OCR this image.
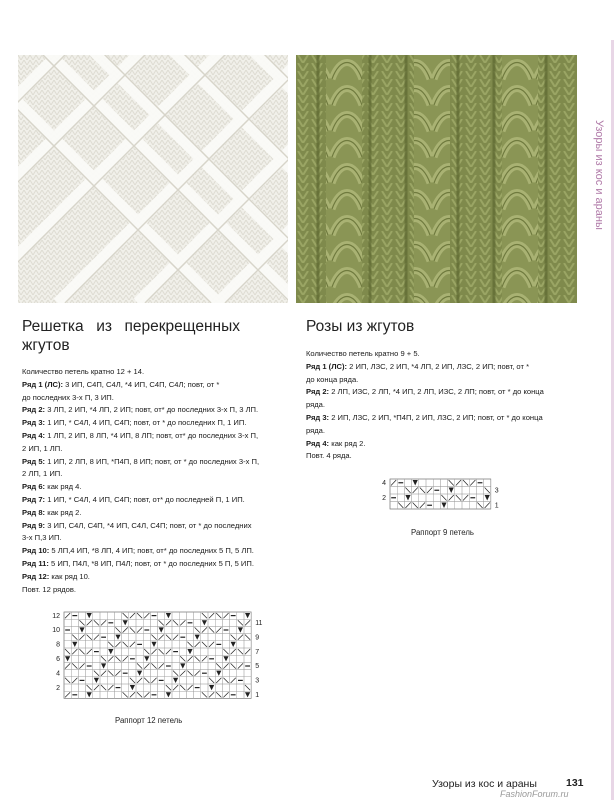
Узоры из кос и араны
Решетка из перекрещенных жгутов
Розы из жгутов

Количество петель кратно 12 + 14.

Ряд 1 (ЛС): 3 ИП, С4П, С4Л, *4 ИП, С4П, С4Л; повт, от *

до последних 3-х П, 3 ИП.

Ряд 2: 3 ЛП, 2 ИП, *4 ЛП, 2 ИП; повт, от* до последних 3-х П, 3 ЛП.

Ряд 3: 1 ИП, * С4Л, 4 ИП, С4П; повт, от * до последних П, 1 ИП.

Ряд 4: 1 ЛП, 2 ИП, 8 ЛП, *4 ИП, 8 ЛП; повт, от* до последних 3-х П,

2 ИП, 1 ЛП.

Ряд 5: 1 ИП, 2 ЛП, 8 ИП, *П4П, 8 ИП; повт, от * до последних 3-х П,

2 ЛП, 1 ИП.

Ряд 6: как ряд 4.

Ряд 7: 1 ИП, * С4Л, 4 ИП, С4П; повт, от* до последней П, 1 ИП.

Ряд 8: как ряд 2.

Ряд 9: 3 ИП, С4Л, С4П, *4 ИП, С4Л, С4П; повт, от * до последних

3-х П,3 ИП.

Ряд 10: 5 ЛП,4 ИП, *8 ЛП, 4 ИП; повт, от* до последних 5 П, 5 ЛП.

Ряд 11: 5 ИП, П4Л, *8 ИП, П4Л; повт, от * до последних 5 П, 5 ИП.

Ряд 12: как ряд 10.

Повт. 12 рядов.

Количество петель кратно 9 + 5.

Ряд 1 (ЛС): 2 ИП, ЛЗС, 2 ИП, *4 ЛП, 2 ИП, ЛЗС, 2 ИП; повт, от *

до конца ряда.

Ряд 2: 2 ЛП, ИЗС, 2 ЛП, *4 ИП, 2 ЛП, ИЗС, 2 ЛП; повт, от * до конца

ряда.

Ряд 3: 2 ИП, ЛЗС, 2 ИП, *П4П, 2 ИП, ЛЗС, 2 ИП; повт, от * до конца

ряда.

Ряд 4: как ряд 2.

Повт. 4 ряда.

12
10
8
6
4
2
11
9
7
5
3
1
Раппорт 12 петель
4
2
3
1
Раппорт 9 петель
Узоры из кос и араны	131
FashionForum.ru
